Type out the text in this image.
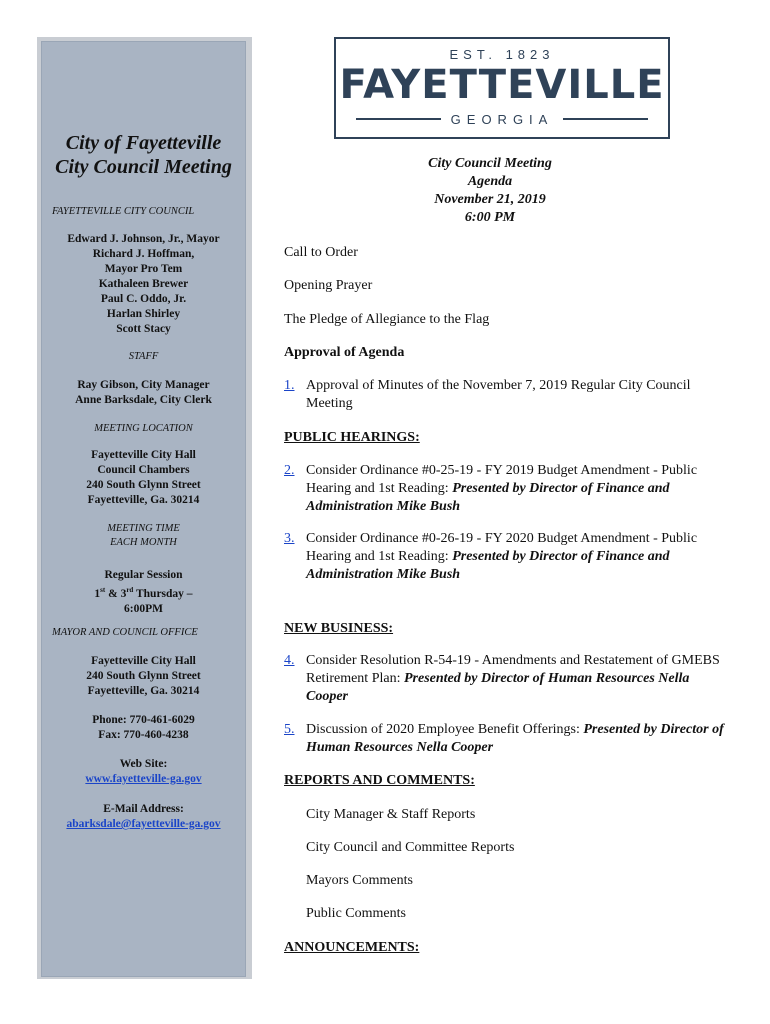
City of Fayetteville
City Council Meeting
FAYETTEVILLE CITY COUNCIL
Edward J. Johnson, Jr., Mayor
Richard J. Hoffman,
Mayor Pro Tem
Kathaleen Brewer
Paul C. Oddo, Jr.
Harlan Shirley
Scott Stacy
STAFF
Ray Gibson, City Manager
Anne Barksdale, City Clerk
MEETING LOCATION
Fayetteville City Hall
Council Chambers
240 South Glynn Street
Fayetteville, Ga. 30214
MEETING TIME
EACH MONTH
Regular Session
1st & 3rd Thursday –
6:00PM
MAYOR AND COUNCIL OFFICE
Fayetteville City Hall
240 South Glynn Street
Fayetteville, Ga. 30214
Phone: 770-461-6029
Fax: 770-460-4238
Web Site:
www.fayetteville-ga.gov
E-Mail Address:
abarksdale@fayetteville-ga.gov
EST. 1823
FAYETTEVILLE
GEORGIA
City Council Meeting
Agenda
November 21, 2019
6:00 PM
Call to Order
Opening Prayer
The Pledge of Allegiance to the Flag
Approval of Agenda
1. Approval of Minutes of the November 7, 2019 Regular City Council Meeting
PUBLIC HEARINGS:
2. Consider Ordinance #0-25-19 - FY 2019 Budget Amendment - Public Hearing and 1st Reading: Presented by Director of Finance and Administration Mike Bush
3. Consider Ordinance #0-26-19 - FY 2020 Budget Amendment - Public Hearing and 1st Reading: Presented by Director of Finance and Administration Mike Bush
NEW BUSINESS:
4. Consider Resolution R-54-19 - Amendments and Restatement of GMEBS Retirement Plan: Presented by Director of Human Resources Nella Cooper
5. Discussion of 2020 Employee Benefit Offerings: Presented by Director of Human Resources Nella Cooper
REPORTS AND COMMENTS:
City Manager & Staff Reports
City Council and Committee Reports
Mayors Comments
Public Comments
ANNOUNCEMENTS:
